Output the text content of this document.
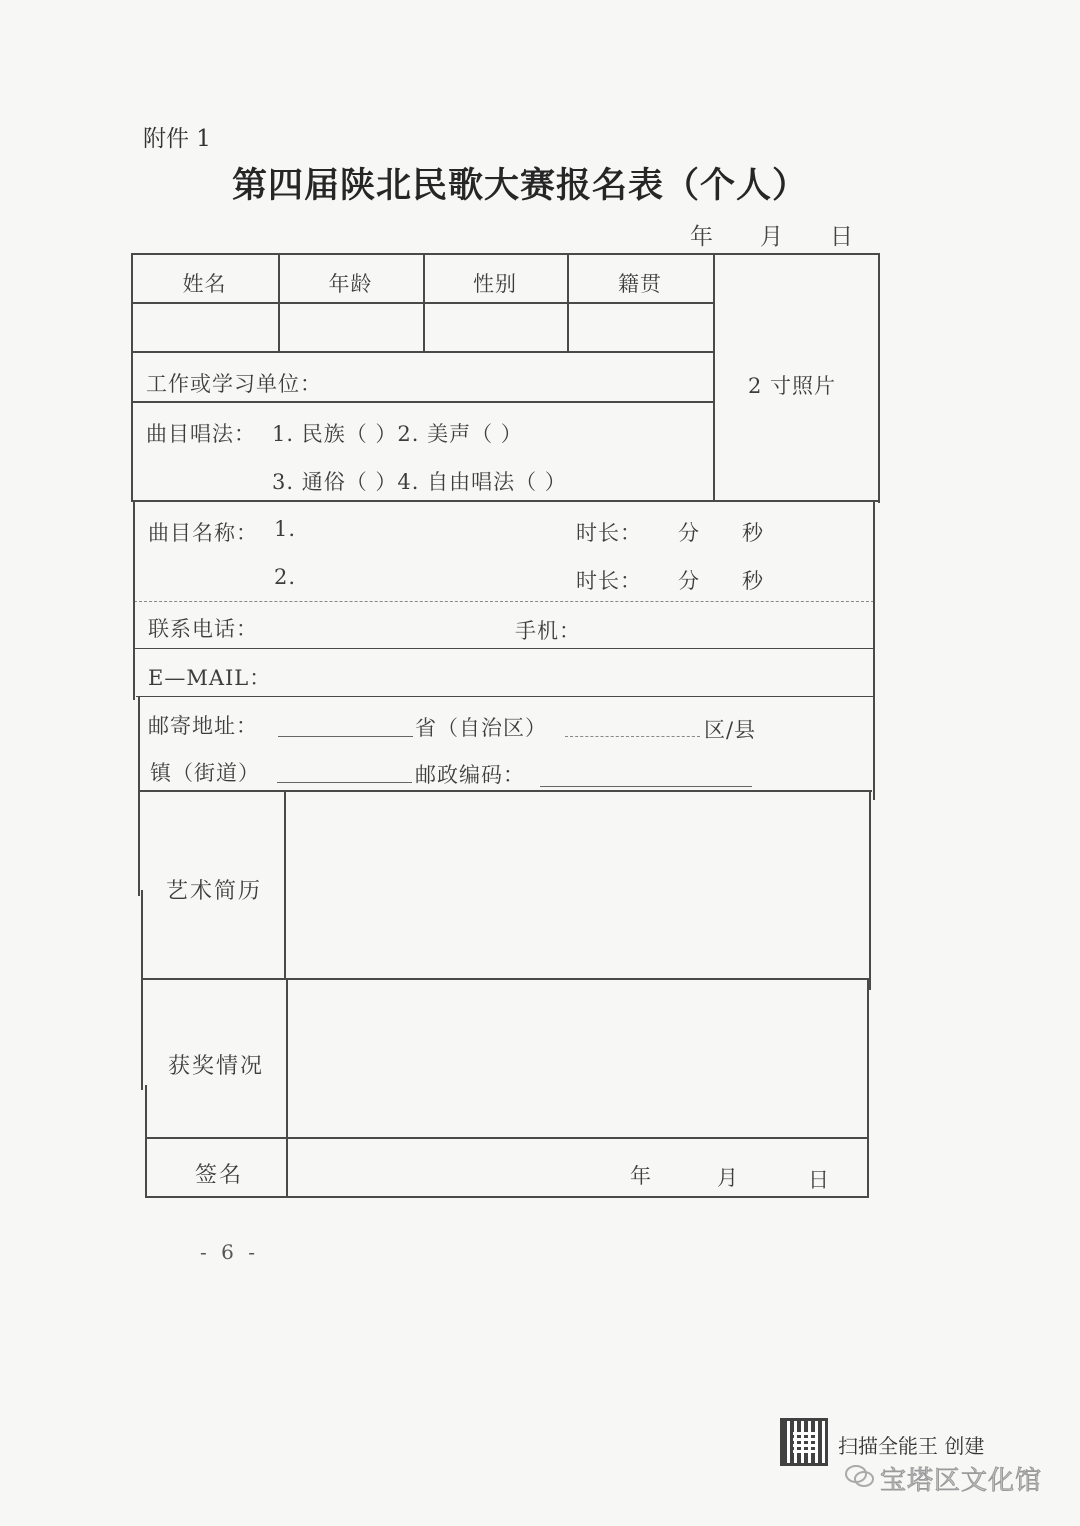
附件 1
第四届陕北民歌大赛报名表（个人）
年 月 日
姓名	年龄	性别	籍贯
2 寸照片
工作或学习单位：
曲目唱法： 1. 民族（ ）2. 美声（ ）
3. 通俗（ ）4. 自由唱法（ ）
曲目名称： 1.	时长： 分 秒
2.	时长： 分 秒
联系电话：	手机：
E—MAIL：
邮寄地址：	省（自治区）	区/县
镇（街道）	邮政编码：
艺术简历
获奖情况
签名	年	月	日
- 6 -
扫描全能王 创建
宝塔区文化馆
